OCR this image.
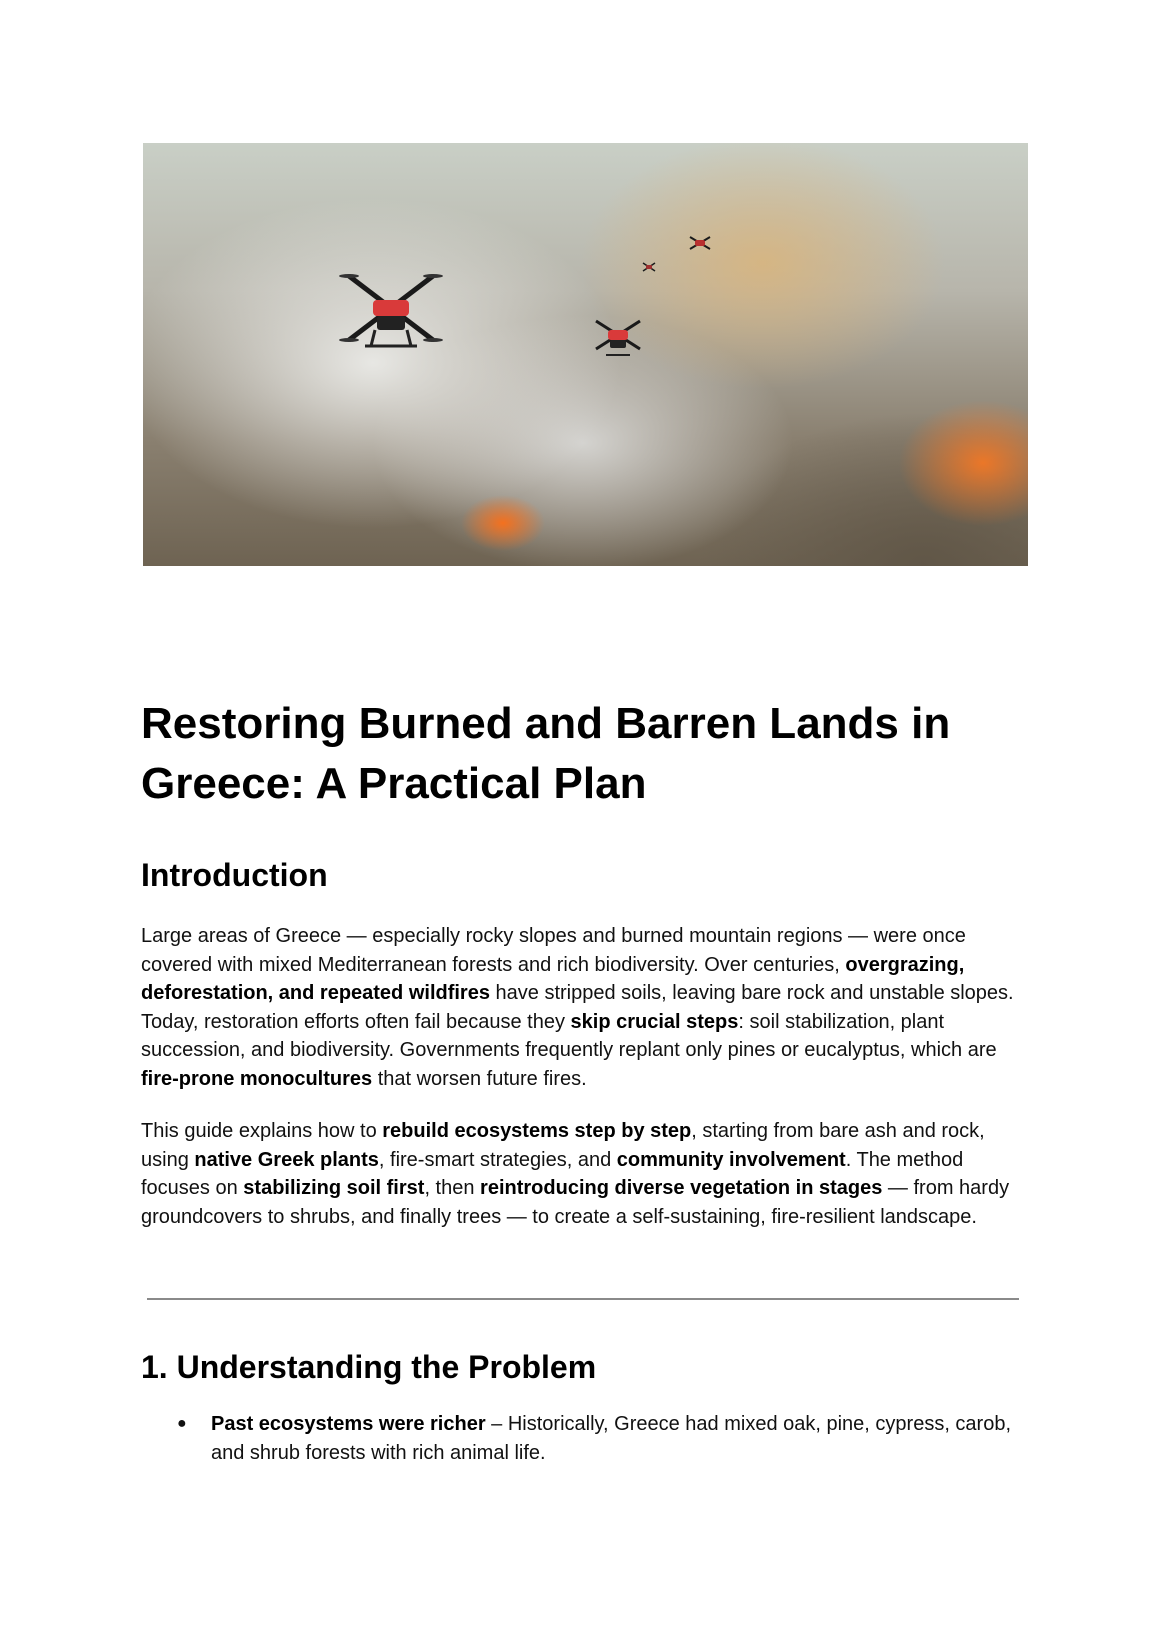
Restoring Burned and Barren Lands in Greece: A Practical Plan
Introduction

Large areas of Greece — especially rocky slopes and burned mountain regions — were once covered with mixed Mediterranean forests and rich biodiversity. Over centuries, overgrazing, deforestation, and repeated wildfires have stripped soils, leaving bare rock and unstable slopes. Today, restoration efforts often fail because they skip crucial steps: soil stabilization, plant succession, and biodiversity. Governments frequently replant only pines or eucalyptus, which are fire-prone monocultures that worsen future fires.

This guide explains how to rebuild ecosystems step by step, starting from bare ash and rock, using native Greek plants, fire-smart strategies, and community involvement. The method focuses on stabilizing soil first, then reintroducing diverse vegetation in stages — from hardy groundcovers to shrubs, and finally trees — to create a self-sustaining, fire-resilient landscape.

1. Understanding the Problem
● Past ecosystems were richer – Historically, Greece had mixed oak, pine, cypress, carob, and shrub forests with rich animal life.
